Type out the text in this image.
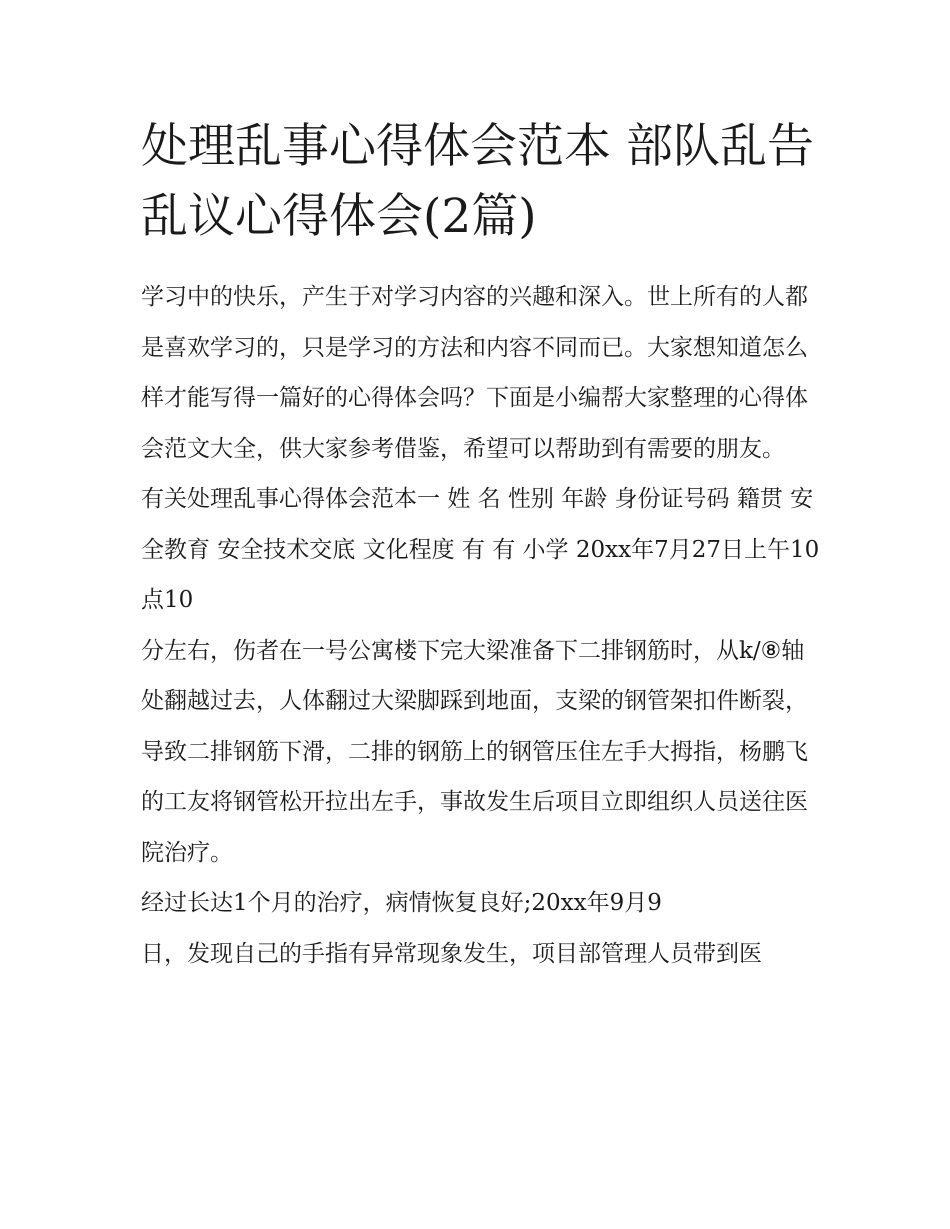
处理乱事心得体会范本 部队乱告乱议心得体会(2篇)

学习中的快乐，产生于对学习内容的兴趣和深入。世上所有的人都是喜欢学习的，只是学习的方法和内容不同而已。大家想知道怎么样才能写得一篇好的心得体会吗？下面是小编帮大家整理的心得体会范文大全，供大家参考借鉴，希望可以帮助到有需要的朋友。

有关处理乱事心得体会范本一 姓 名 性别 年龄 身份证号码 籍贯 安全教育 安全技术交底 文化程度 有 有 小学 20xx年7月27日上午10

点10

分左右，伤者在一号公寓楼下完大梁准备下二排钢筋时，从k/⑧轴处翻越过去，人体翻过大梁脚踩到地面，支梁的钢管架扣件断裂，导致二排钢筋下滑，二排的钢筋上的钢管压住左手大拇指，杨鹏飞的工友将钢管松开拉出左手，事故发生后项目立即组织人员送往医院治疗。

经过长达1个月的治疗，病情恢复良好;20xx年9月9

日，发现自己的手指有异常现象发生，项目部管理人员带到医
